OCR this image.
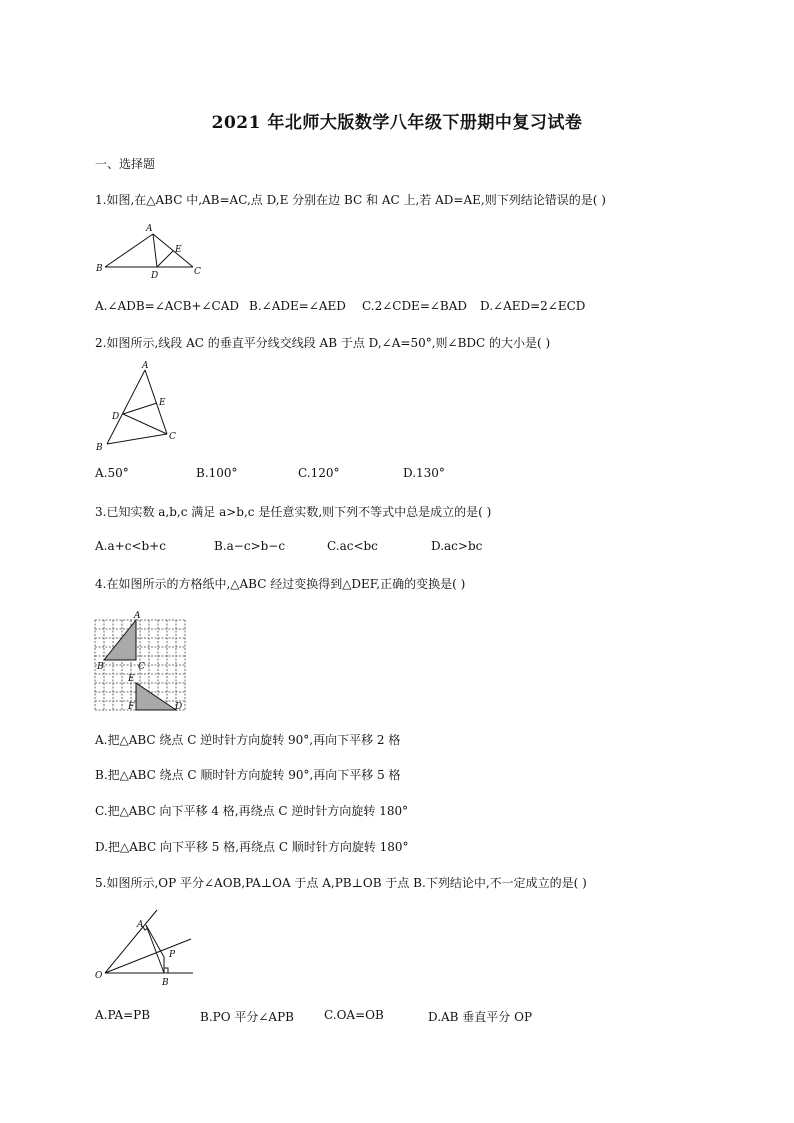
2021 年北师大版数学八年级下册期中复习试卷
一、选择题
1.如图,在△ABC 中,AB=AC,点 D,E 分别在边 BC 和 AC 上,若 AD=AE,则下列结论错误的是( )
A
B	C
D
E
A.∠ADB=∠ACB+∠CAD B.∠ADE=∠AED C.2∠CDE=∠BAD D.∠AED=2∠ECD
2.如图所示,线段 AC 的垂直平分线交线段 AB 于点 D,∠A=50°,则∠BDC 的大小是( )
A
B
C
D
E
A.50°	B.100°	C.120°	D.130°
3.已知实数 a,b,c 满足 a>b,c 是任意实数,则下列不等式中总是成立的是( )
A.a+c<b+c	B.a−c>b−c	C.ac<bc	D.ac>bc
4.在如图所示的方格纸中,△ABC 经过变换得到△DEF,正确的变换是( )
A
B	C
D
E
F
A.把△ABC 绕点 C 逆时针方向旋转 90°,再向下平移 2 格
B.把△ABC 绕点 C 顺时针方向旋转 90°,再向下平移 5 格
C.把△ABC 向下平移 4 格,再绕点 C 逆时针方向旋转 180°
D.把△ABC 向下平移 5 格,再绕点 C 顺时针方向旋转 180°
5.如图所示,OP 平分∠AOB,PA⊥OA 于点 A,PB⊥OB 于点 B.下列结论中,不一定成立的是( )
A
B
O
P
A.PA=PB	B.PO 平分∠APB	C.OA=OB	D.AB 垂直平分 OP
